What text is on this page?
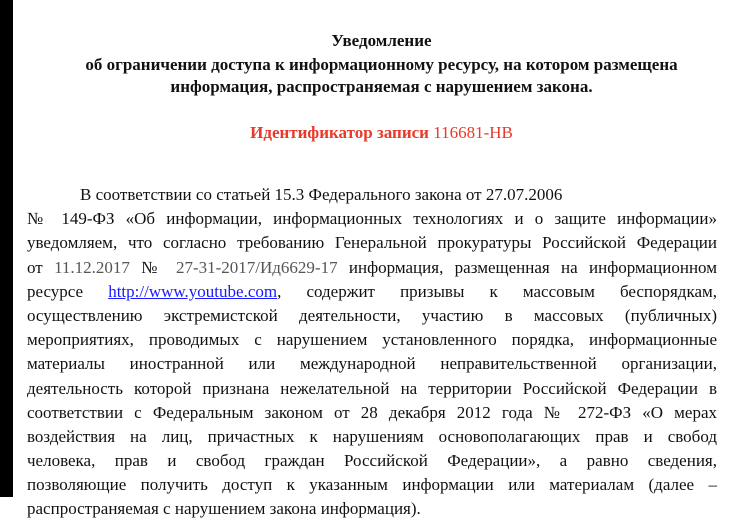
Уведомление

об ограничении доступа к информационному ресурсу, на котором размещена

информация, распространяемая с нарушением закона.

Идентификатор записи 116681-НВ
В соответствии со статьей 15.3 Федерального закона от 27.07.2006
№ 149-ФЗ «Об информации, информационных технологиях и о защите информации»
уведомляем, что согласно требованию Генеральной прокуратуры Российской Федерации
от 11.12.2017 № 27-31-2017/Ид6629-17 информация, размещенная на информационном
ресурсе http://www.youtube.com, содержит призывы к массовым беспорядкам,
осуществлению экстремистской деятельности, участию в массовых (публичных)
мероприятиях, проводимых с нарушением установленного порядка, информационные
материалы иностранной или международной неправительственной организации,
деятельность которой признана нежелательной на территории Российской Федерации в
соответствии с Федеральным законом от 28 декабря 2012 года № 272-ФЗ «О мерах
воздействия на лиц, причастных к нарушениям основополагающих прав и свобод
человека, прав и свобод граждан Российской Федерации», а равно сведения,
позволяющие получить доступ к указанным информации или материалам (далее –
распространяемая с нарушением закона информация).
